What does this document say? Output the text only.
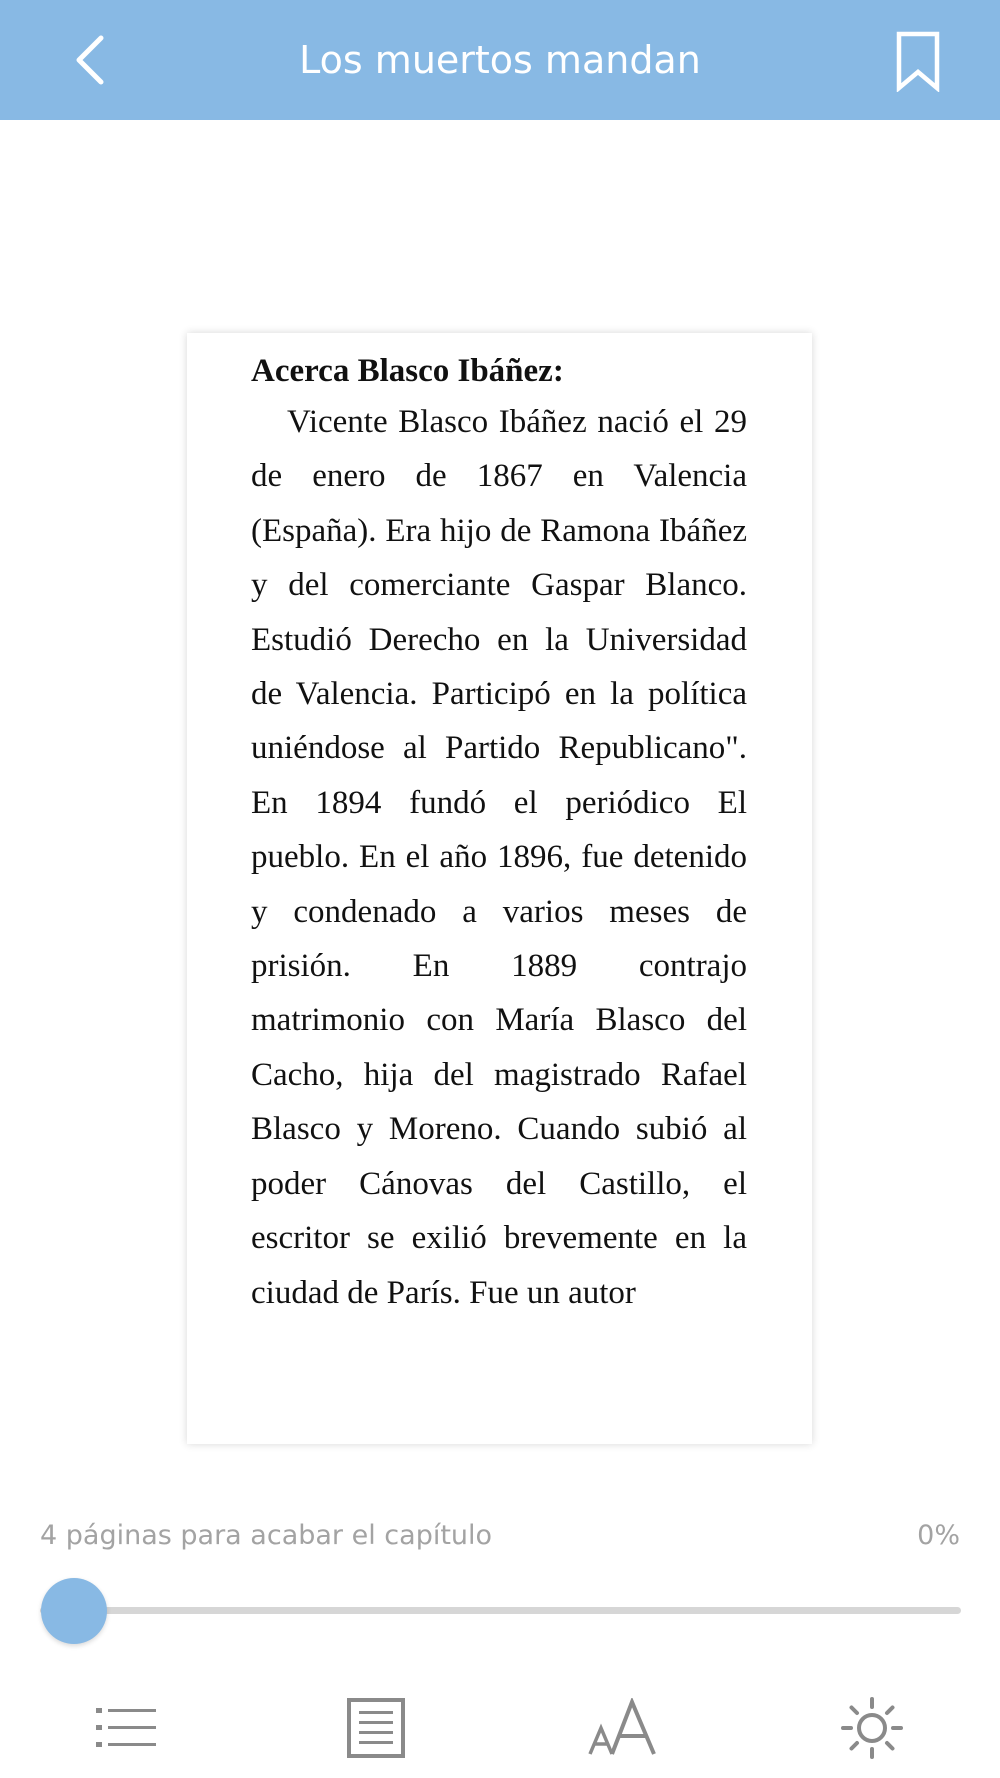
Los muertos mandan

Acerca Blasco Ibáñez:

Vicente Blasco Ibáñez nació el 29 de enero de 1867 en Valencia (España). Era hijo de Ramona Ibáñez y del comerciante Gaspar Blanco. Estudió Derecho en la Universidad de Valencia. Participó en la política uniéndose al Partido Republicano". En 1894 fundó el periódico El pueblo. En el año 1896, fue detenido y condenado a varios meses de prisión. En 1889 contrajo matrimonio con María Blasco del Cacho, hija del magistrado Rafael Blasco y Moreno. Cuando subió al poder Cánovas del Castillo, el escritor se exilió brevemente en la ciudad de París. Fue un autor

4 páginas para acabar el capítulo	0%
